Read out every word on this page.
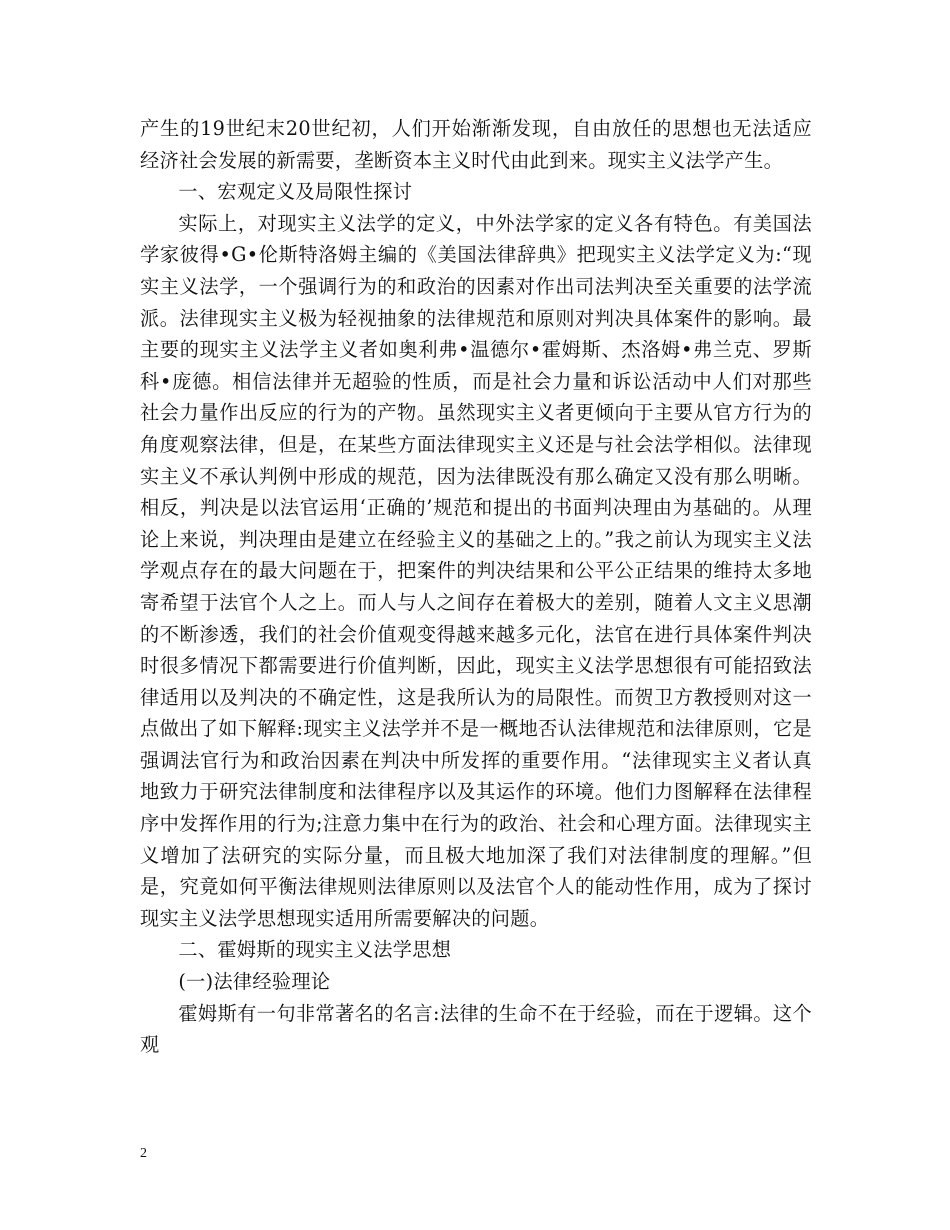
产生的19世纪末20世纪初，人们开始渐渐发现，自由放任的思想也无法适应经济社会发展的新需要，垄断资本主义时代由此到来。现实主义法学产生。

一、宏观定义及局限性探讨

实际上，对现实主义法学的定义，中外法学家的定义各有特色。有美国法学家彼得•G•伦斯特洛姆主编的《美国法律辞典》把现实主义法学定义为:“现实主义法学，一个强调行为的和政治的因素对作出司法判决至关重要的法学流派。法律现实主义极为轻视抽象的法律规范和原则对判决具体案件的影响。最主要的现实主义法学主义者如奥利弗•温德尔•霍姆斯、杰洛姆•弗兰克、罗斯科•庞德。相信法律并无超验的性质，而是社会力量和诉讼活动中人们对那些社会力量作出反应的行为的产物。虽然现实主义者更倾向于主要从官方行为的角度观察法律，但是，在某些方面法律现实主义还是与社会法学相似。法律现实主义不承认判例中形成的规范，因为法律既没有那么确定又没有那么明晰。相反，判决是以法官运用‘正确的’规范和提出的书面判决理由为基础的。从理论上来说，判决理由是建立在经验主义的基础之上的。”我之前认为现实主义法学观点存在的最大问题在于，把案件的判决结果和公平公正结果的维持太多地寄希望于法官个人之上。而人与人之间存在着极大的差别，随着人文主义思潮的不断渗透，我们的社会价值观变得越来越多元化，法官在进行具体案件判决时很多情况下都需要进行价值判断，因此，现实主义法学思想很有可能招致法律适用以及判决的不确定性，这是我所认为的局限性。而贺卫方教授则对这一点做出了如下解释:现实主义法学并不是一概地否认法律规范和法律原则，它是强调法官行为和政治因素在判决中所发挥的重要作用。“法律现实主义者认真地致力于研究法律制度和法律程序以及其运作的环境。他们力图解释在法律程序中发挥作用的行为;注意力集中在行为的政治、社会和心理方面。法律现实主义增加了法研究的实际分量，而且极大地加深了我们对法律制度的理解。”但是，究竟如何平衡法律规则法律原则以及法官个人的能动性作用，成为了探讨现实主义法学思想现实适用所需要解决的问题。

二、霍姆斯的现实主义法学思想

(一)法律经验理论

霍姆斯有一句非常著名的名言:法律的生命不在于经验，而在于逻辑。这个观

2
